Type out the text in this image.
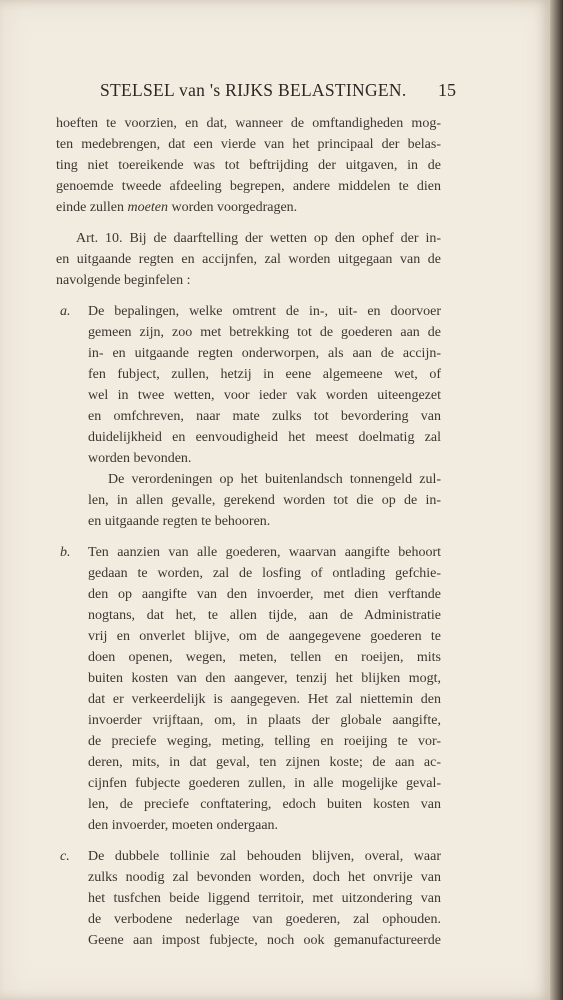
STELSEL van 's RIJKS BELASTINGEN. 15
hoeften te voorzien, en dat, wanneer de omftandigheden mog-
ten medebrengen, dat een vierde van het principaal der belas-
ting niet toereikende was tot beftrijding der uitgaven, in de
genoemde tweede afdeeling begrepen, andere middelen te dien
einde zullen moeten worden voorgedragen.
Art. 10. Bij de daarftelling der wetten op den ophef der in-
en uitgaande regten en accijnfen, zal worden uitgegaan van de
navolgende beginfelen :
a. De bepalingen, welke omtrent de in-, uit- en doorvoer
gemeen zijn, zoo met betrekking tot de goederen aan de
in- en uitgaande regten onderworpen, als aan de accijn-
fen fubject, zullen, hetzij in eene algemeene wet, of
wel in twee wetten, voor ieder vak worden uiteengezet
en omfchreven, naar mate zulks tot bevordering van
duidelijkheid en eenvoudigheid het meest doelmatig zal
worden bevonden.
De verordeningen op het buitenlandsch tonnengeld zul-
len, in allen gevalle, gerekend worden tot die op de in-
en uitgaande regten te behooren.
b. Ten aanzien van alle goederen, waarvan aangifte behoort
gedaan te worden, zal de losfing of ontlading gefchie-
den op aangifte van den invoerder, met dien verftande
nogtans, dat het, te allen tijde, aan de Administratie
vrij en onverlet blijve, om de aangegevene goederen te
doen openen, wegen, meten, tellen en roeijen, mits
buiten kosten van den aangever, tenzij het blijken mogt,
dat er verkeerdelijk is aangegeven. Het zal niettemin den
invoerder vrijftaan, om, in plaats der globale aangifte,
de preciefe weging, meting, telling en roeijing te vor-
deren, mits, in dat geval, ten zijnen koste; de aan ac-
cijnfen fubjecte goederen zullen, in alle mogelijke geval-
len, de preciefe conftatering, edoch buiten kosten van
den invoerder, moeten ondergaan.
c. De dubbele tollinie zal behouden blijven, overal, waar
zulks noodig zal bevonden worden, doch het onvrije van
het tusfchen beide liggend territoir, met uitzondering van
de verbodene nederlage van goederen, zal ophouden.
Geene aan impost fubjecte, noch ook gemanufactureerde
